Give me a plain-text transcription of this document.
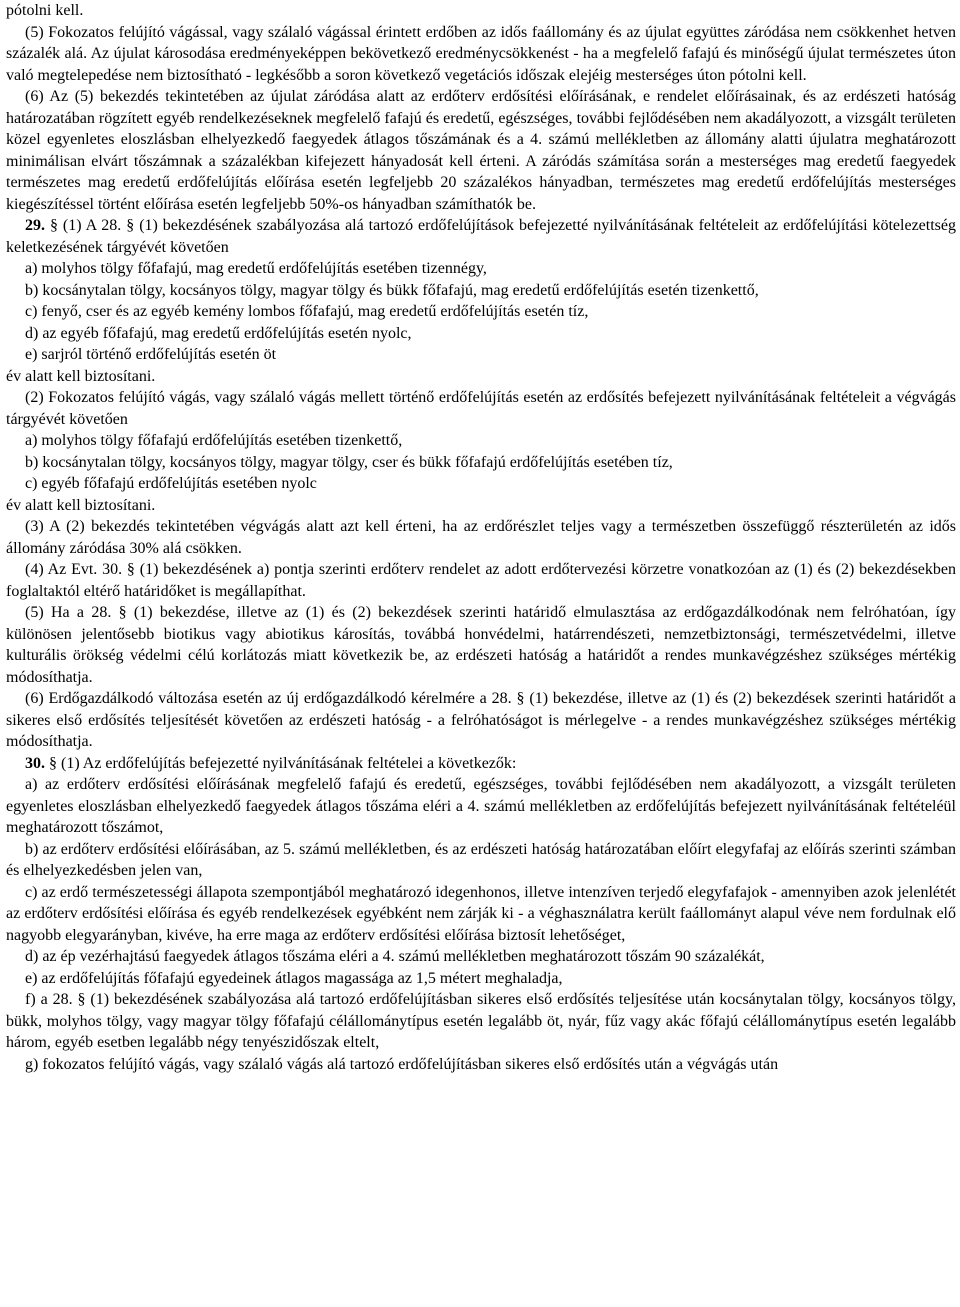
pótolni kell.

(5) Fokozatos felújító vágással, vagy szálaló vágással érintett erdőben az idős faállomány és az újulat együttes záródása nem csökkenhet hetven százalék alá. Az újulat károsodása eredményeképpen bekövetkező eredménycsökkenést - ha a megfelelő fafajú és minőségű újulat természetes úton való megtelepedése nem biztosítható - legkésőbb a soron következő vegetációs időszak elejéig mesterséges úton pótolni kell.

(6) Az (5) bekezdés tekintetében az újulat záródása alatt az erdőterv erdősítési előírásának, e rendelet előírásainak, és az erdészeti hatóság határozatában rögzített egyéb rendelkezéseknek megfelelő fafajú és eredetű, egészséges, további fejlődésében nem akadályozott, a vizsgált területen közel egyenletes eloszlásban elhelyezkedő faegyedek átlagos tőszámának és a 4. számú mellékletben az állomány alatti újulatra meghatározott minimálisan elvárt tőszámnak a százalékban kifejezett hányadosát kell érteni. A záródás számítása során a mesterséges mag eredetű faegyedek természetes mag eredetű erdőfelújítás előírása esetén legfeljebb 20 százalékos hányadban, természetes mag eredetű erdőfelújítás mesterséges kiegészítéssel történt előírása esetén legfeljebb 50%-os hányadban számíthatók be.

29. § (1) A 28. § (1) bekezdésének szabályozása alá tartozó erdőfelújítások befejezetté nyilvánításának feltételeit az erdőfelújítási kötelezettség keletkezésének tárgyévét követően

a) molyhos tölgy főfafajú, mag eredetű erdőfelújítás esetében tizennégy,

b) kocsánytalan tölgy, kocsányos tölgy, magyar tölgy és bükk főfafajú, mag eredetű erdőfelújítás esetén tizenkettő,

c) fenyő, cser és az egyéb kemény lombos főfafajú, mag eredetű erdőfelújítás esetén tíz,

d) az egyéb főfafajú, mag eredetű erdőfelújítás esetén nyolc,

e) sarjról történő erdőfelújítás esetén öt

év alatt kell biztosítani.

(2) Fokozatos felújító vágás, vagy szálaló vágás mellett történő erdőfelújítás esetén az erdősítés befejezett nyilvánításának feltételeit a végvágás tárgyévét követően

a) molyhos tölgy főfafajú erdőfelújítás esetében tizenkettő,

b) kocsánytalan tölgy, kocsányos tölgy, magyar tölgy, cser és bükk főfafajú erdőfelújítás esetében tíz,

c) egyéb főfafajú erdőfelújítás esetében nyolc

év alatt kell biztosítani.

(3) A (2) bekezdés tekintetében végvágás alatt azt kell érteni, ha az erdőrészlet teljes vagy a természetben összefüggő részterületén az idős állomány záródása 30% alá csökken.

(4) Az Evt. 30. § (1) bekezdésének a) pontja szerinti erdőterv rendelet az adott erdőtervezési körzetre vonatkozóan az (1) és (2) bekezdésekben foglaltaktól eltérő határidőket is megállapíthat.

(5) Ha a 28. § (1) bekezdése, illetve az (1) és (2) bekezdések szerinti határidő elmulasztása az erdőgazdálkodónak nem felróhatóan, így különösen jelentősebb biotikus vagy abiotikus károsítás, továbbá honvédelmi, határrendészeti, nemzetbiztonsági, természetvédelmi, illetve kulturális örökség védelmi célú korlátozás miatt következik be, az erdészeti hatóság a határidőt a rendes munkavégzéshez szükséges mértékig módosíthatja.

(6) Erdőgazdálkodó változása esetén az új erdőgazdálkodó kérelmére a 28. § (1) bekezdése, illetve az (1) és (2) bekezdések szerinti határidőt a sikeres első erdősítés teljesítését követően az erdészeti hatóság - a felróhatóságot is mérlegelve - a rendes munkavégzéshez szükséges mértékig módosíthatja.

30. § (1) Az erdőfelújítás befejezetté nyilvánításának feltételei a következők:

a) az erdőterv erdősítési előírásának megfelelő fafajú és eredetű, egészséges, további fejlődésében nem akadályozott, a vizsgált területen egyenletes eloszlásban elhelyezkedő faegyedek átlagos tőszáma eléri a 4. számú mellékletben az erdőfelújítás befejezett nyilvánításának feltételéül meghatározott tőszámot,

b) az erdőterv erdősítési előírásában, az 5. számú mellékletben, és az erdészeti hatóság határozatában előírt elegyfafaj az előírás szerinti számban és elhelyezkedésben jelen van,

c) az erdő természetességi állapota szempontjából meghatározó idegenhonos, illetve intenzíven terjedő elegyfafajok - amennyiben azok jelenlétét az erdőterv erdősítési előírása és egyéb rendelkezések egyébként nem zárják ki - a véghasználatra került faállományt alapul véve nem fordulnak elő nagyobb elegyarányban, kivéve, ha erre maga az erdőterv erdősítési előírása biztosít lehetőséget,

d) az ép vezérhajtású faegyedek átlagos tőszáma eléri a 4. számú mellékletben meghatározott tőszám 90 százalékát,

e) az erdőfelújítás főfafajú egyedeinek átlagos magassága az 1,5 métert meghaladja,

f) a 28. § (1) bekezdésének szabályozása alá tartozó erdőfelújításban sikeres első erdősítés teljesítése után kocsánytalan tölgy, kocsányos tölgy, bükk, molyhos tölgy, vagy magyar tölgy főfafajú célállománytípus esetén legalább öt, nyár, fűz vagy akác főfajú célállománytípus esetén legalább három, egyéb esetben legalább négy tenyészidőszak eltelt,

g) fokozatos felújító vágás, vagy szálaló vágás alá tartozó erdőfelújításban sikeres első erdősítés után a végvágás után
